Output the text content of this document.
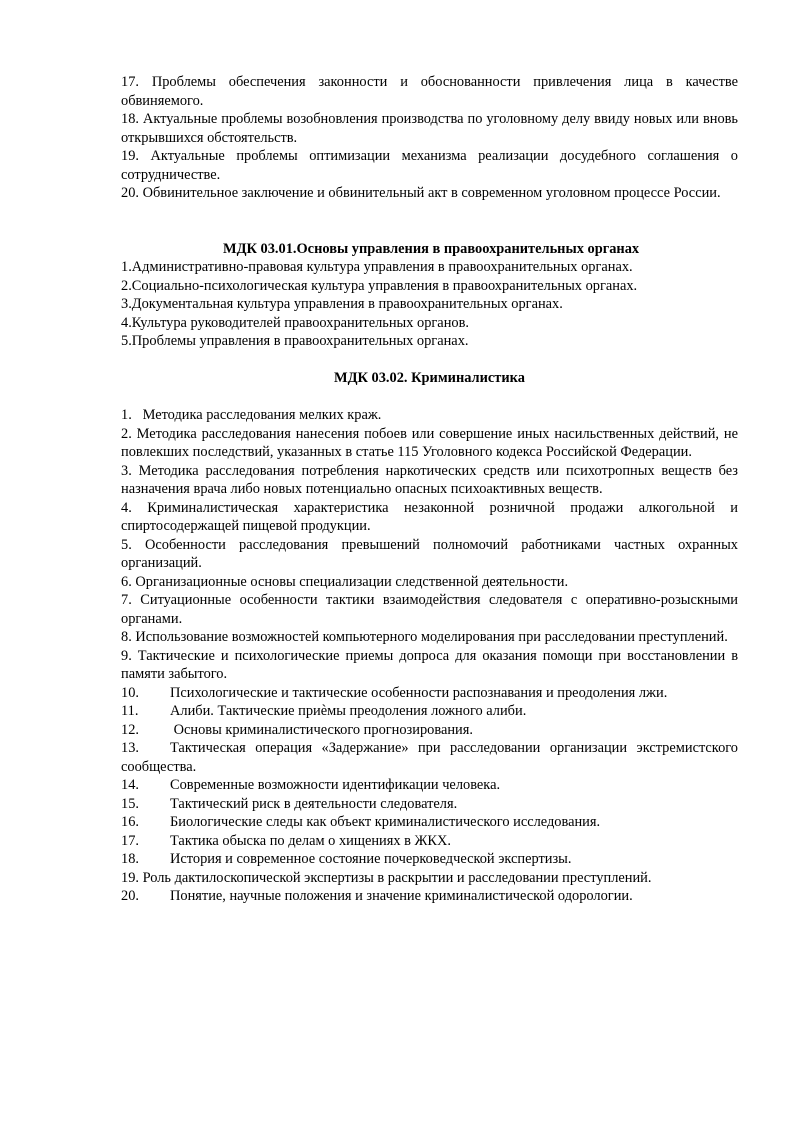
17. Проблемы обеспечения законности и обоснованности привлечения лица в качестве обвиняемого.

18. Актуальные проблемы возобновления производства по уголовному делу ввиду новых или вновь открывшихся обстоятельств.

19. Актуальные проблемы оптимизации механизма реализации досудебного соглашения о сотрудничестве.

20. Обвинительное заключение и обвинительный акт в современном уголовном процессе России.

МДК 03.01.Основы управления в правоохранительных органах

1.Административно-правовая культура управления в правоохранительных органах.

2.Социально-психологическая культура управления в правоохранительных органах.

3.Документальная культура управления в правоохранительных органах.

4.Культура руководителей правоохранительных органов.

5.Проблемы управления в правоохранительных органах.

МДК 03.02. Криминалистика

1.   Методика расследования мелких краж.

2. Методика расследования нанесения побоев или совершение иных насильственных действий, не повлекших последствий, указанных в статье 115 Уголовного кодекса Российской Федерации.

3. Методика расследования потребления наркотических средств или психотропных веществ без назначения врача либо новых потенциально опасных психоактивных веществ.

4. Криминалистическая характеристика незаконной розничной продажи алкогольной и спиртосодержащей пищевой продукции.

5. Особенности расследования превышений полномочий работниками частных охранных организаций.

6. Организационные основы специализации следственной деятельности.

7. Ситуационные особенности тактики взаимодействия следователя с оперативно-розыскными органами.

8. Использование возможностей компьютерного моделирования при расследовании преступлений.

9. Тактические и психологические приемы допроса для оказания помощи при восстановлении в памяти забытого.

10. Психологические и тактические особенности распознавания и преодоления лжи.

11. Алиби. Тактические приѐмы преодоления ложного алиби.

12. Основы криминалистического прогнозирования.

13. Тактическая операция «Задержание» при расследовании организации экстремистского сообщества.

14. Современные возможности идентификации человека.

15. Тактический риск в деятельности следователя.

16. Биологические следы как объект криминалистического исследования.

17. Тактика обыска по делам о хищениях в ЖКХ.

18. История и современное состояние почерковедческой экспертизы.

19. Роль дактилоскопической экспертизы в раскрытии и расследовании преступлений.

20. Понятие, научные положения и значение криминалистической одорологии.
